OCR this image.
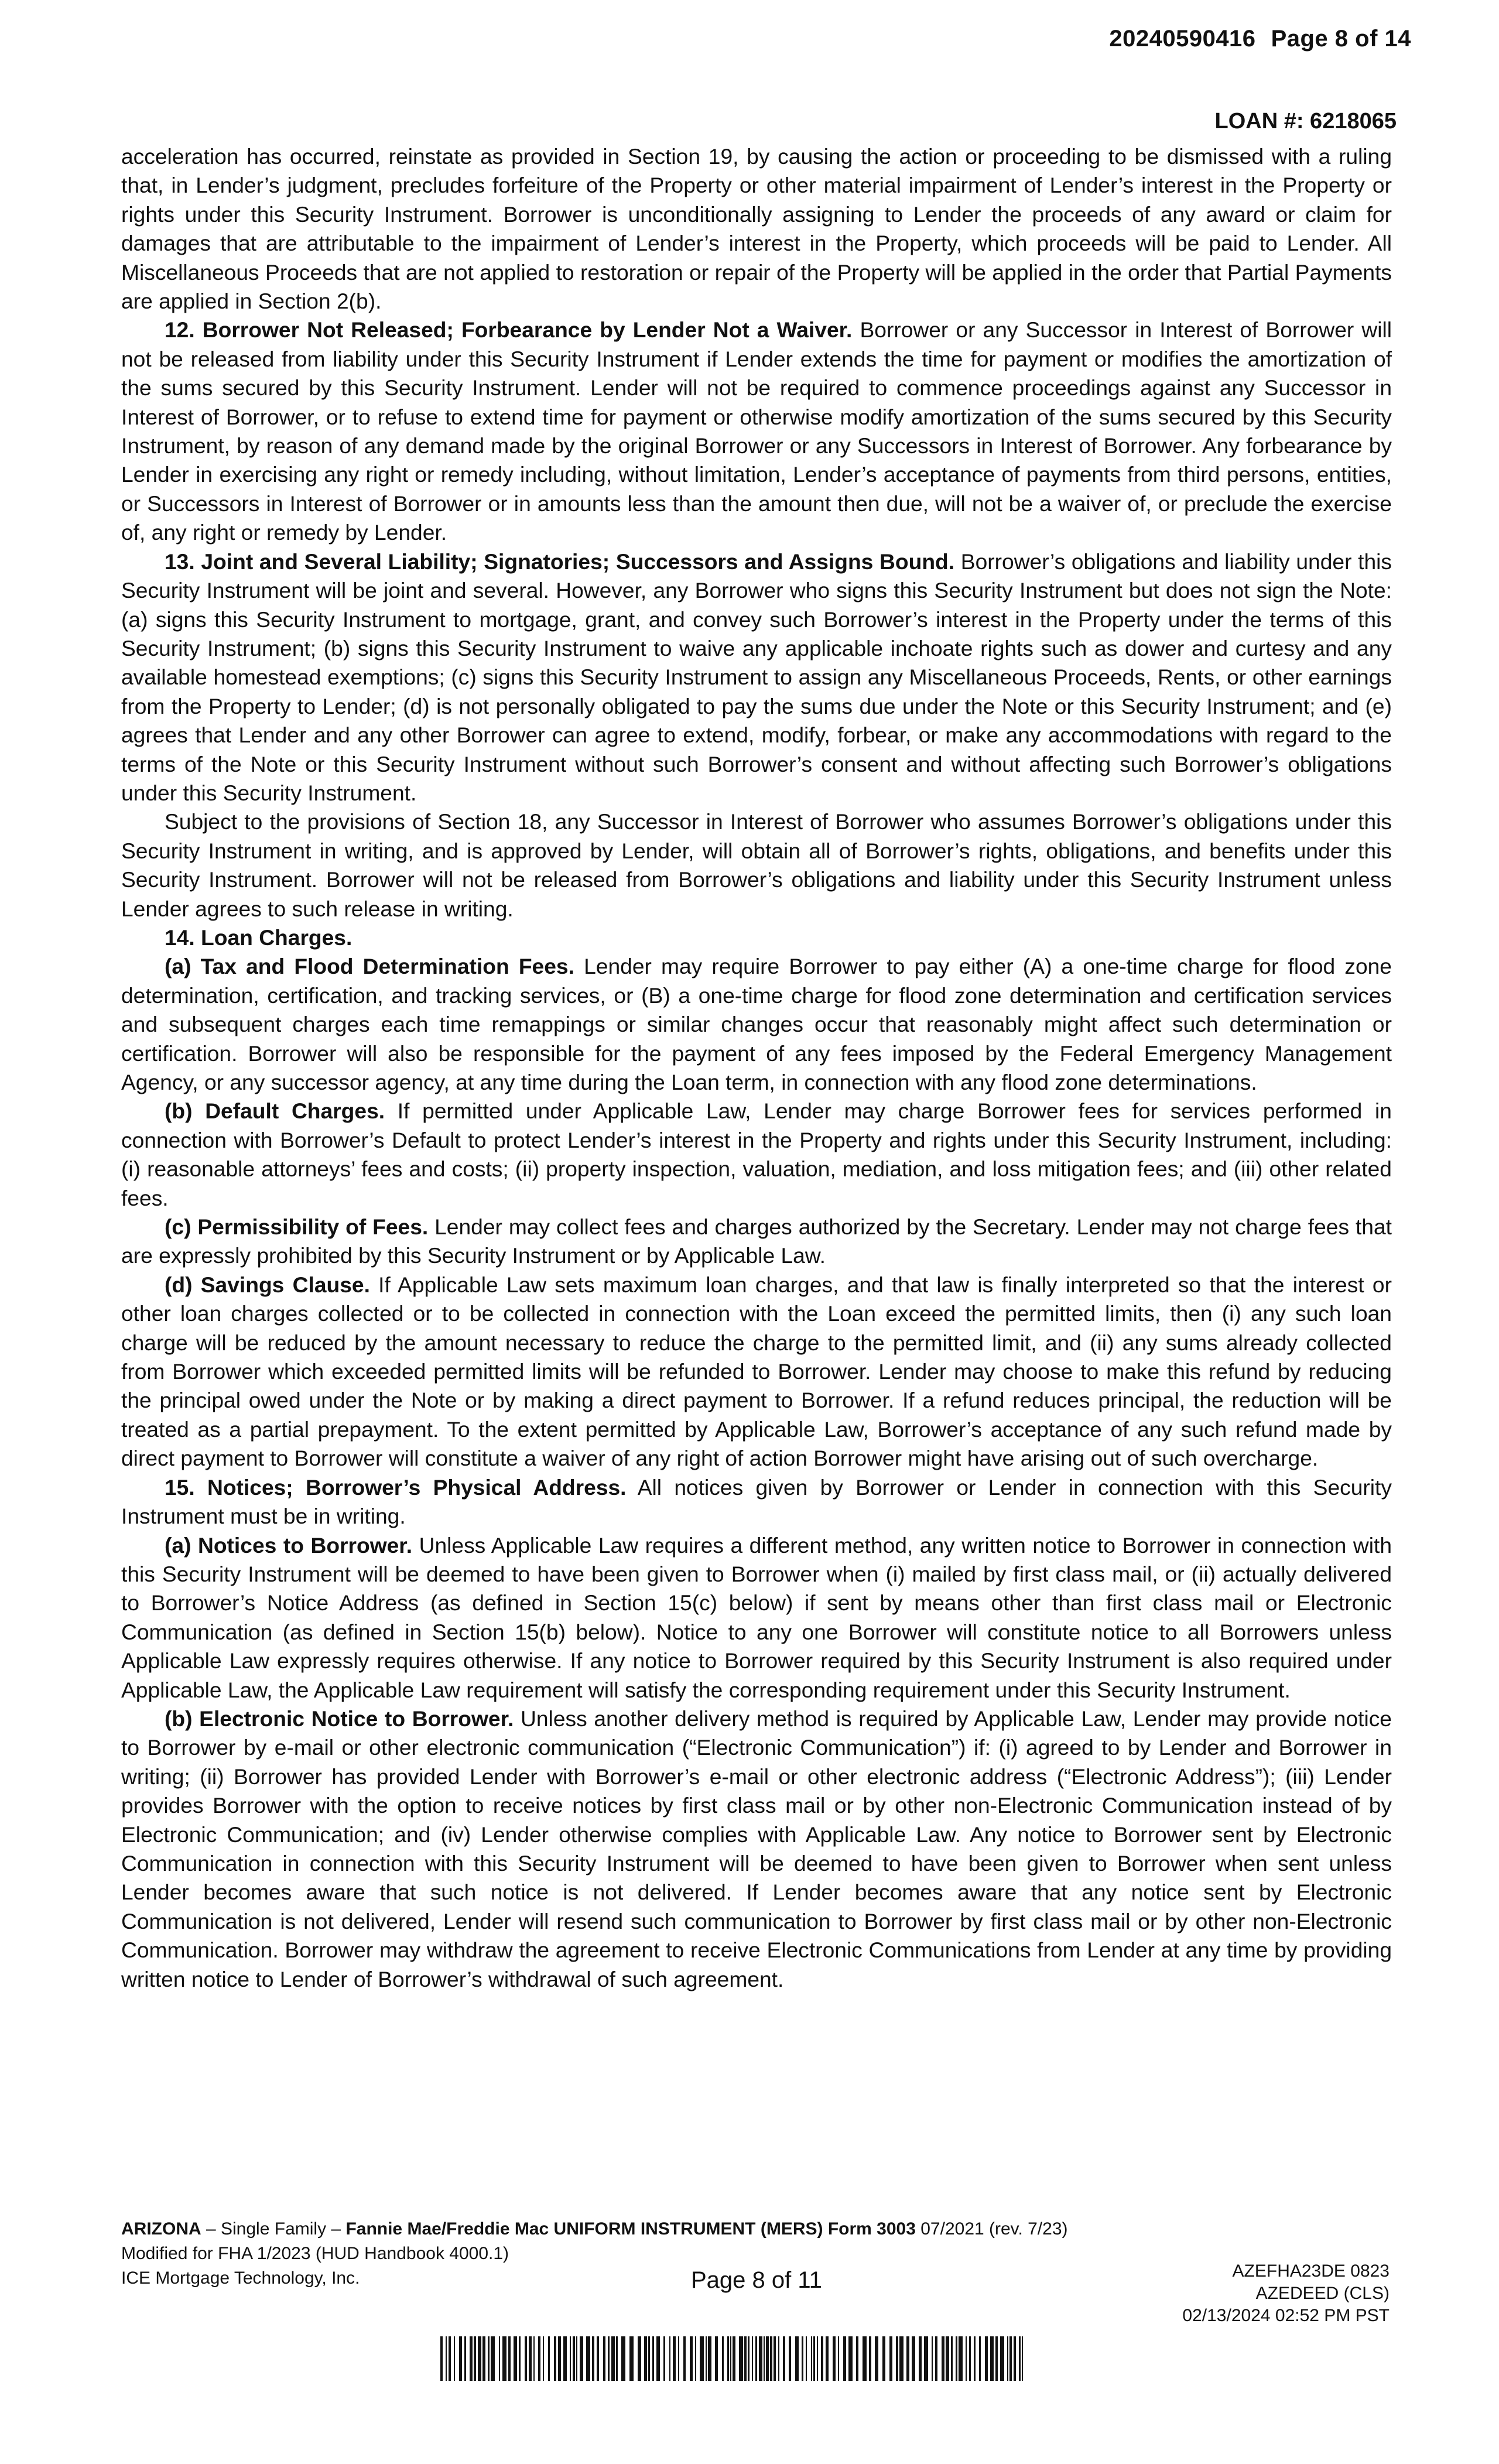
20240590416 Page 8 of 14
LOAN #: 6218065

acceleration has occurred, reinstate as provided in Section 19, by causing the action or proceeding to be dismissed with a ruling that, in Lender’s judgment, precludes forfeiture of the Property or other material impairment of Lender’s interest in the Property or rights under this Security Instrument. Borrower is unconditionally assigning to Lender the proceeds of any award or claim for damages that are attributable to the impairment of Lender’s interest in the Property, which proceeds will be paid to Lender. All Miscellaneous Proceeds that are not applied to restoration or repair of the Property will be applied in the order that Partial Payments are applied in Section 2(b).

12. Borrower Not Released; Forbearance by Lender Not a Waiver. Borrower or any Successor in Interest of Borrower will not be released from liability under this Security Instrument if Lender extends the time for payment or modifies the amortization of the sums secured by this Security Instrument. Lender will not be required to commence proceedings against any Successor in Interest of Borrower, or to refuse to extend time for payment or otherwise modify amortization of the sums secured by this Security Instrument, by reason of any demand made by the original Borrower or any Successors in Interest of Borrower. Any forbearance by Lender in exercising any right or remedy including, without limitation, Lender’s acceptance of payments from third persons, entities, or Successors in Interest of Borrower or in amounts less than the amount then due, will not be a waiver of, or preclude the exercise of, any right or remedy by Lender.

13. Joint and Several Liability; Signatories; Successors and Assigns Bound. Borrower’s obligations and liability under this Security Instrument will be joint and several. However, any Borrower who signs this Security Instrument but does not sign the Note: (a) signs this Security Instrument to mortgage, grant, and convey such Borrower’s interest in the Property under the terms of this Security Instrument; (b) signs this Security Instrument to waive any applicable inchoate rights such as dower and curtesy and any available homestead exemptions; (c) signs this Security Instrument to assign any Miscellaneous Proceeds, Rents, or other earnings from the Property to Lender; (d) is not personally obligated to pay the sums due under the Note or this Security Instrument; and (e) agrees that Lender and any other Borrower can agree to extend, modify, forbear, or make any accommodations with regard to the terms of the Note or this Security Instrument without such Borrower’s consent and without affecting such Borrower’s obligations under this Security Instrument.

Subject to the provisions of Section 18, any Successor in Interest of Borrower who assumes Borrower’s obligations under this Security Instrument in writing, and is approved by Lender, will obtain all of Borrower’s rights, obligations, and benefits under this Security Instrument. Borrower will not be released from Borrower’s obligations and liability under this Security Instrument unless Lender agrees to such release in writing.

14. Loan Charges.

(a) Tax and Flood Determination Fees. Lender may require Borrower to pay either (A) a one-time charge for flood zone determination, certification, and tracking services, or (B) a one-time charge for flood zone determination and certification services and subsequent charges each time remappings or similar changes occur that reasonably might affect such determination or certification. Borrower will also be responsible for the payment of any fees imposed by the Federal Emergency Management Agency, or any successor agency, at any time during the Loan term, in connection with any flood zone determinations.

(b) Default Charges. If permitted under Applicable Law, Lender may charge Borrower fees for services performed in connection with Borrower’s Default to protect Lender’s interest in the Property and rights under this Security Instrument, including: (i) reasonable attorneys’ fees and costs; (ii) property inspection, valuation, mediation, and loss mitigation fees; and (iii) other related fees.

(c) Permissibility of Fees. Lender may collect fees and charges authorized by the Secretary. Lender may not charge fees that are expressly prohibited by this Security Instrument or by Applicable Law.

(d) Savings Clause. If Applicable Law sets maximum loan charges, and that law is finally interpreted so that the interest or other loan charges collected or to be collected in connection with the Loan exceed the permitted limits, then (i) any such loan charge will be reduced by the amount necessary to reduce the charge to the permitted limit, and (ii) any sums already collected from Borrower which exceeded permitted limits will be refunded to Borrower. Lender may choose to make this refund by reducing the principal owed under the Note or by making a direct payment to Borrower. If a refund reduces principal, the reduction will be treated as a partial prepayment. To the extent permitted by Applicable Law, Borrower’s acceptance of any such refund made by direct payment to Borrower will constitute a waiver of any right of action Borrower might have arising out of such overcharge.

15. Notices; Borrower’s Physical Address. All notices given by Borrower or Lender in connection with this Security Instrument must be in writing.

(a) Notices to Borrower. Unless Applicable Law requires a different method, any written notice to Borrower in connection with this Security Instrument will be deemed to have been given to Borrower when (i) mailed by first class mail, or (ii) actually delivered to Borrower’s Notice Address (as defined in Section 15(c) below) if sent by means other than first class mail or Electronic Communication (as defined in Section 15(b) below). Notice to any one Borrower will constitute notice to all Borrowers unless Applicable Law expressly requires otherwise. If any notice to Borrower required by this Security Instrument is also required under Applicable Law, the Applicable Law requirement will satisfy the corresponding requirement under this Security Instrument.

(b) Electronic Notice to Borrower. Unless another delivery method is required by Applicable Law, Lender may provide notice to Borrower by e-mail or other electronic communication (“Electronic Communication”) if: (i) agreed to by Lender and Borrower in writing; (ii) Borrower has provided Lender with Borrower’s e-mail or other electronic address (“Electronic Address”); (iii) Lender provides Borrower with the option to receive notices by first class mail or by other non-Electronic Communication instead of by Electronic Communication; and (iv) Lender otherwise complies with Applicable Law. Any notice to Borrower sent by Electronic Communication in connection with this Security Instrument will be deemed to have been given to Borrower when sent unless Lender becomes aware that such notice is not delivered. If Lender becomes aware that any notice sent by Electronic Communication is not delivered, Lender will resend such communication to Borrower by first class mail or by other non-Electronic Communication. Borrower may withdraw the agreement to receive Electronic Communications from Lender at any time by providing written notice to Lender of Borrower’s withdrawal of such agreement.

ARIZONA – Single Family – Fannie Mae/Freddie Mac UNIFORM INSTRUMENT (MERS) Form 3003 07/2021 (rev. 7/23)
Modified for FHA 1/2023 (HUD Handbook 4000.1)
ICE Mortgage Technology, Inc.	Page 8 of 11	AZEFHA23DE 0823
AZEDEED (CLS)
02/13/2024 02:52 PM PST
